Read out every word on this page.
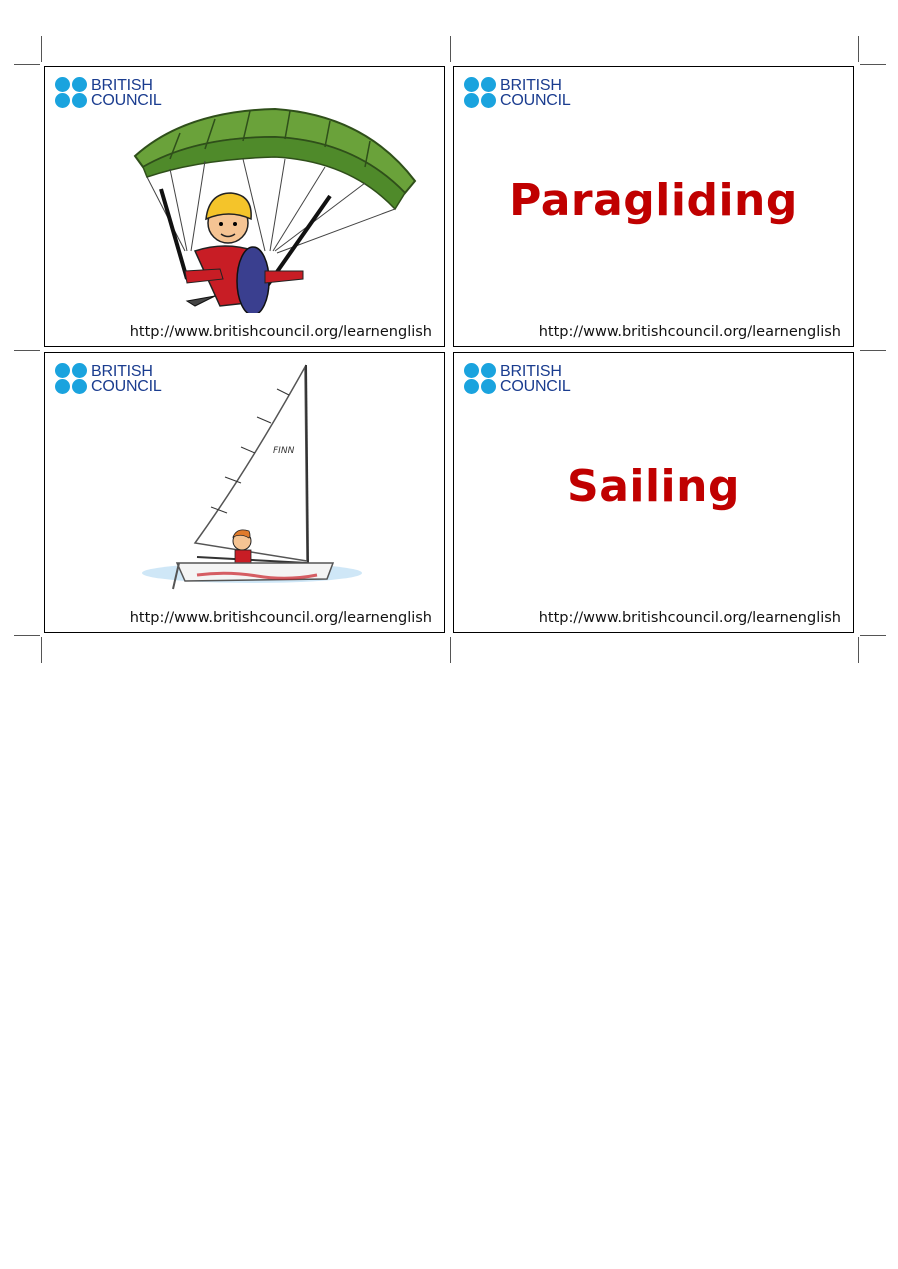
BRITISH
COUNCIL
http://www.britishcouncil.org/learnenglish
BRITISH
COUNCIL
Paragliding
http://www.britishcouncil.org/learnenglish
BRITISH
COUNCIL
FINN
http://www.britishcouncil.org/learnenglish
BRITISH
COUNCIL
Sailing
http://www.britishcouncil.org/learnenglish
